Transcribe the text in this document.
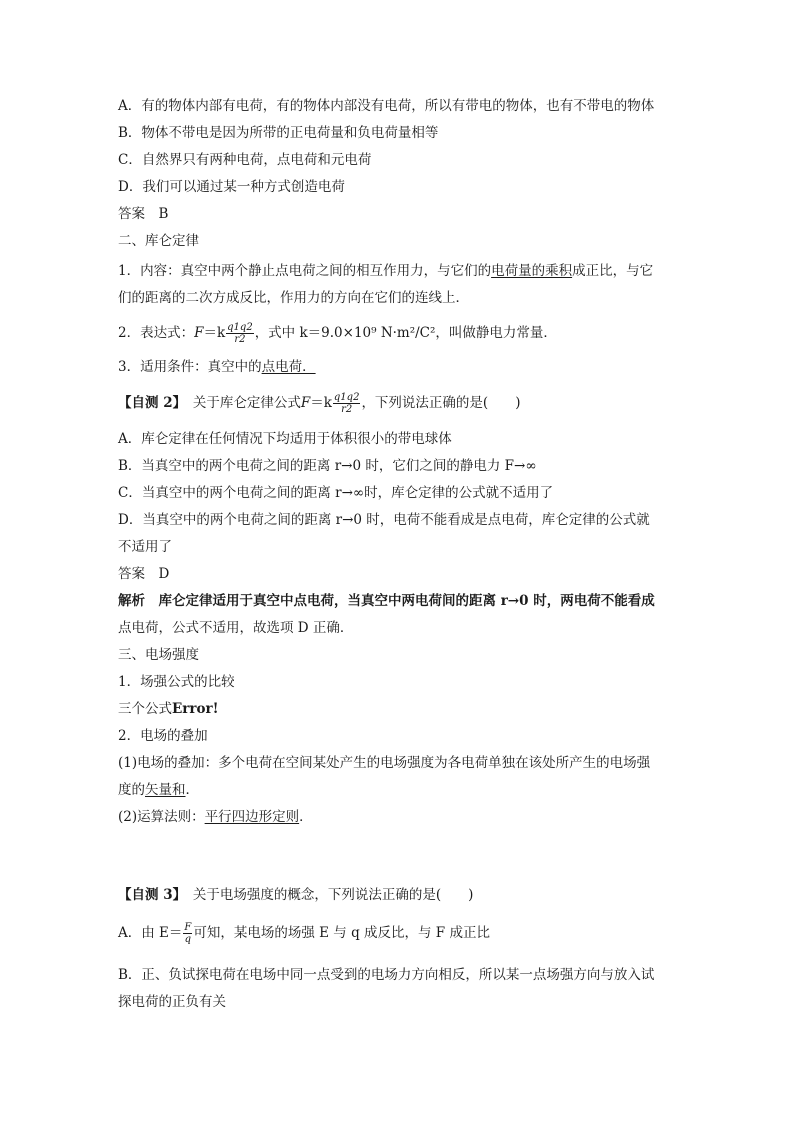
A．有的物体内部有电荷，有的物体内部没有电荷，所以有带电的物体，也有不带电的物体
B．物体不带电是因为所带的正电荷量和负电荷量相等
C．自然界只有两种电荷，点电荷和元电荷
D．我们可以通过某一种方式创造电荷
答案　B
二、库仑定律
1．内容：真空中两个静止点电荷之间的相互作用力，与它们的电荷量的乘积成正比，与它
们的距离的二次方成反比，作用力的方向在它们的连线上．
2．表达式：$F=k \frac{q1q2}{r2}$ ，式中 k＝9.0×10⁹ N·m²/C²，叫做静电力常量．
3．适用条件：真空中的点电荷．
【自测 2】　关于库仑定律公式$F=k \frac{q1q2}{r2}$ ，下列说法正确的是(　　)
A．库仑定律在任何情况下均适用于体积很小的带电球体
B．当真空中的两个电荷之间的距离 r→0 时，它们之间的静电力 F→∞
C．当真空中的两个电荷之间的距离 r→∞时，库仑定律的公式就不适用了
D．当真空中的两个电荷之间的距离 r→0 时，电荷不能看成是点电荷，库仑定律的公式就
不适用了
答案　D
解析　库仑定律适用于真空中点电荷，当真空中两电荷间的距离 r→0 时，两电荷不能看成
点电荷，公式不适用，故选项 D 正确．
三、电场强度
1．场强公式的比较
三个公式Error!
2．电场的叠加
(1)电场的叠加：多个电荷在空间某处产生的电场强度为各电荷单独在该处所产生的电场强
度的矢量和．
(2)运算法则：平行四边形定则．
【自测 3】　关于电场强度的概念，下列说法正确的是(　　)
A．由 $E= \frac{F}{q}$ 可知，某电场的场强 E 与 q 成反比，与 F 成正比
B．正、负试探电荷在电场中同一点受到的电场力方向相反，所以某一点场强方向与放入试
探电荷的正负有关
